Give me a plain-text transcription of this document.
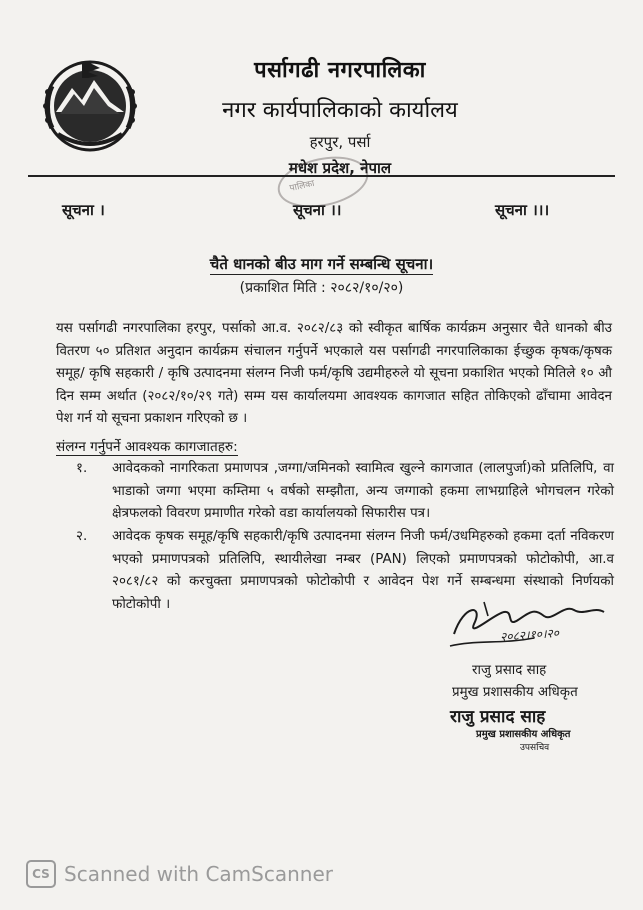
पर्सागढी नगरपालिका
नगर कार्यपालिकाको कार्यालय
हरपुर, पर्सा
मधेश प्रदेश, नेपाल
पालिका
सूचना ।	सूचना ।।	सूचना ।।।
चैते धानको बीउ माग गर्ने सम्बन्धि सूचना।
(प्रकाशित मिति : २०८२/१०/२०)
यस पर्सागढी नगरपालिका हरपुर, पर्साको आ.व. २०८२/८३ को स्वीकृत बार्षिक कार्यक्रम अनुसार चैते धानको बीउ वितरण ५० प्रतिशत अनुदान कार्यक्रम संचालन गर्नुपर्ने भएकाले यस पर्सागढी नगरपालिकाका ईच्छुक कृषक/कृषक समूह/ कृषि सहकारी / कृषि उत्पादनमा संलग्न निजी फर्म/कृषि उद्यमीहरुले यो सूचना प्रकाशित भएको मितिले १० औ दिन सम्म अर्थात (२०८२/१०/२९ गते) सम्म यस कार्यालयमा आवश्यक कागजात सहित तोकिएको ढाँचामा आवेदन पेश गर्न यो सूचना प्रकाशन गरिएको छ ।
संलग्न गर्नुपर्ने आवश्यक कागजातहरु:
१. आवेदकको नागरिकता प्रमाणपत्र ,जग्गा/जमिनको स्वामित्व खुल्ने कागजात (लालपुर्जा)को प्रतिलिपि, वा भाडाको जग्गा भएमा कम्तिमा ५ वर्षको सम्झौता, अन्य जग्गाको हकमा लाभग्राहिले भोगचलन गरेको क्षेत्रफलको विवरण प्रमाणीत गरेको वडा कार्यालयको सिफारीस पत्र।
२. आवेदक कृषक समूह/कृषि सहकारी/कृषि उत्पादनमा संलग्न निजी फर्म/उधमिहरुको हकमा दर्ता नविकरण भएको प्रमाणपत्रको प्रतिलिपि, स्थायीलेखा नम्बर (PAN) लिएको प्रमाणपत्रको फोटोकोपी, आ.व २०८१/८२ को करचुक्ता प्रमाणपत्रको फोटोकोपी र आवेदन पेश गर्ने सम्बन्धमा संस्थाको निर्णयको फोटोकोपी ।
२०८२।१०।२०
राजु प्रसाद साह
प्रमुख प्रशासकीय अधिकृत
राजु प्रसाद साह
प्रमुख प्रशासकीय अधिकृत
उपसचिव
CS Scanned with CamScanner
